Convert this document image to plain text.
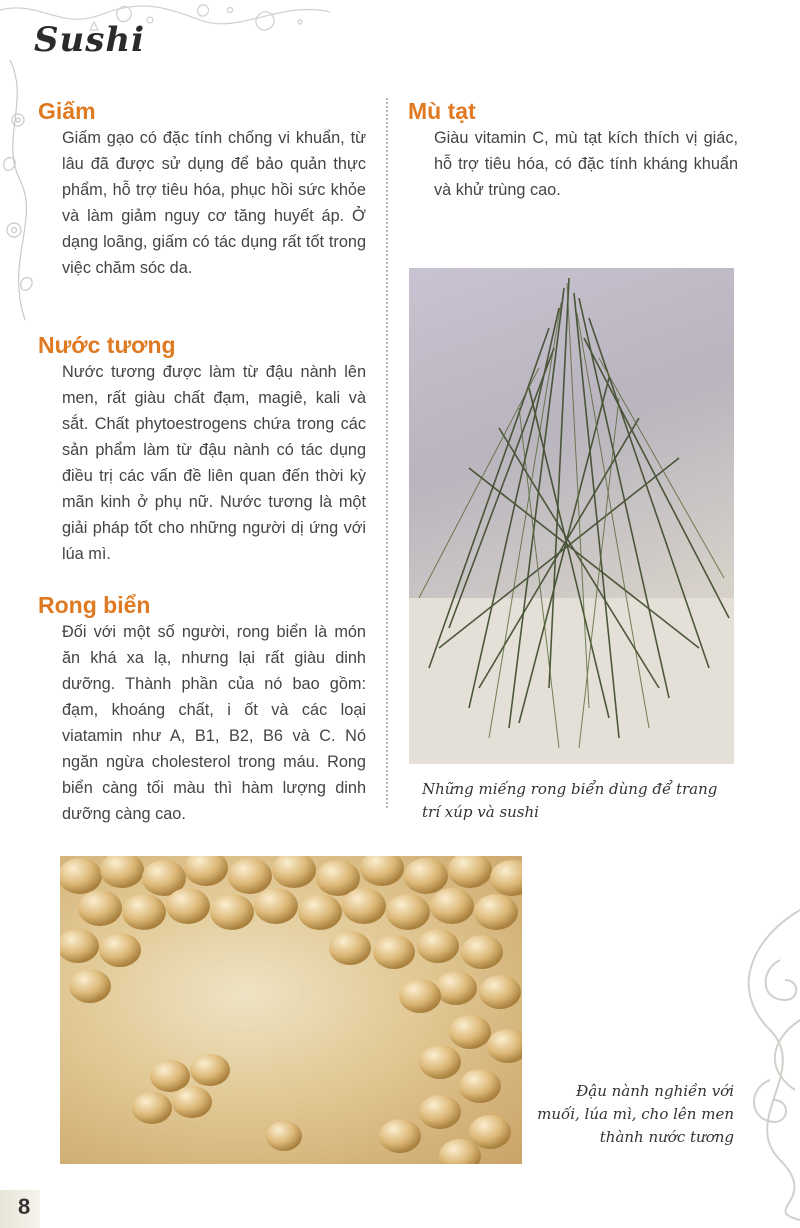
Sushi
Giấm

Giấm gạo có đặc tính chống vi khuẩn, từ lâu đã được sử dụng để bảo quản thực phẩm, hỗ trợ tiêu hóa, phục hồi sức khỏe và làm giảm nguy cơ tăng huyết áp. Ở dạng loãng, giấm có tác dụng rất tốt trong việc chăm sóc da.

Nước tương

Nước tương được làm từ đậu nành lên men, rất giàu chất đạm, magiê, kali và sắt. Chất phytoestrogens chứa trong các sản phẩm làm từ đậu nành có tác dụng điều trị các vấn đề liên quan đến thời kỳ mãn kinh ở phụ nữ. Nước tương là một giải pháp tốt cho những người dị ứng với lúa mì.

Rong biển

Đối với một số người, rong biển là món ăn khá xa lạ, nhưng lại rất giàu dinh dưỡng. Thành phần của nó bao gồm: đạm, khoáng chất, i ốt và các loại viatamin như A, B1, B2, B6 và C. Nó ngăn ngừa cholesterol trong máu. Rong biển càng tối màu thì hàm lượng dinh dưỡng càng cao.

Mù tạt

Giàu vitamin C, mù tạt kích thích vị giác, hỗ trợ tiêu hóa, có đặc tính kháng khuẩn và khử trùng cao.

Những miếng rong biển dùng để trang trí xúp và sushi
Đậu nành nghiền với muối, lúa mì, cho lên men thành nước tương
8
